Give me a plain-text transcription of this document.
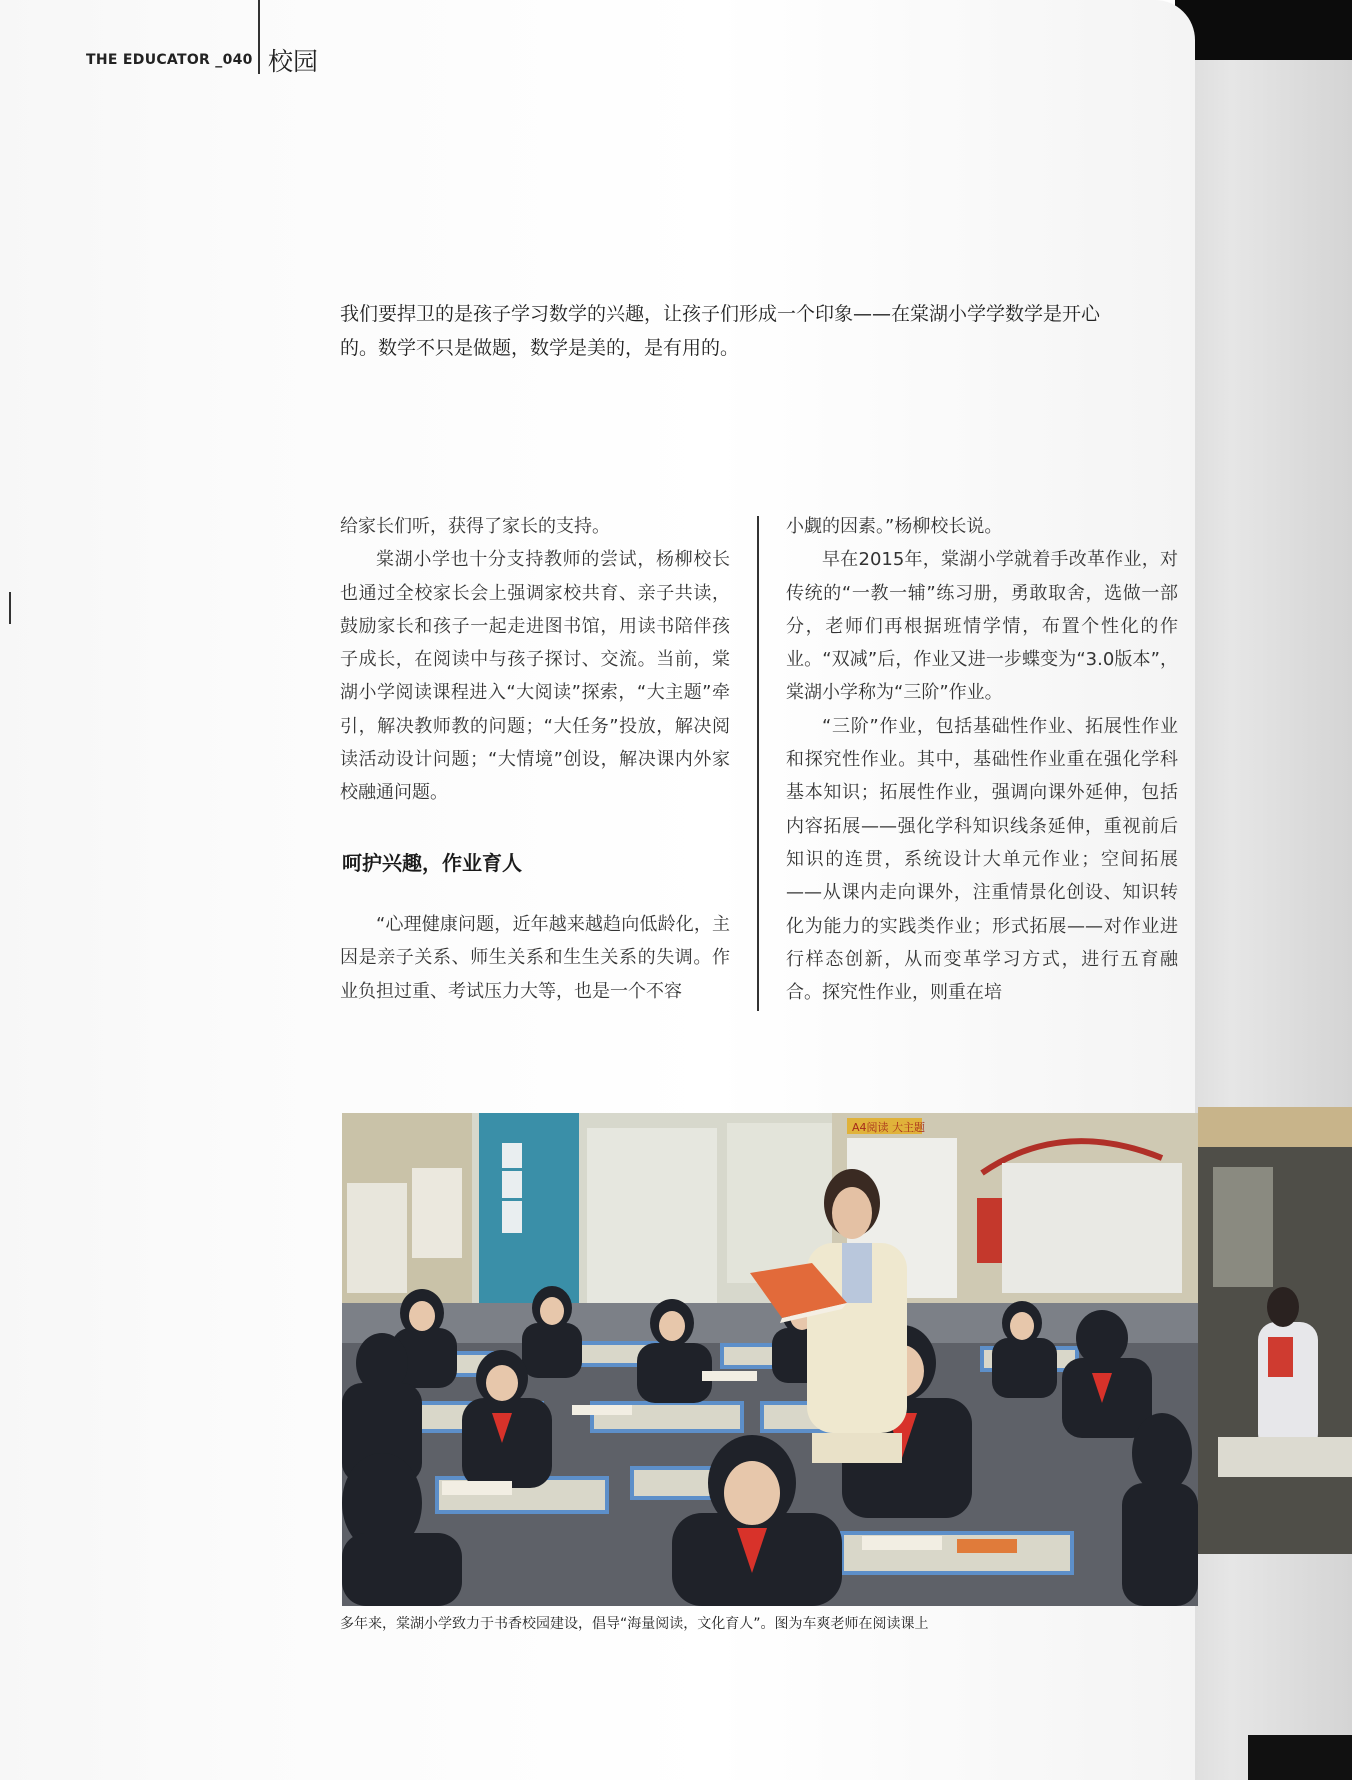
THE EDUCATOR _040 校园

我们要捍卫的是孩子学习数学的兴趣，让孩子们形成一个印象——在棠湖小学学数学是开心

的。数学不只是做题，数学是美的，是有用的。

给家长们听，获得了家长的支持。

棠湖小学也十分支持教师的尝试，杨柳校长也通过全校家长会上强调家校共育、亲子共读，鼓励家长和孩子一起走进图书馆，用读书陪伴孩子成长，在阅读中与孩子探讨、交流。当前，棠湖小学阅读课程进入“大阅读”探索，“大主题”牵引，解决教师教的问题；“大任务”投放，解决阅读活动设计问题；“大情境”创设，解决课内外家校融通问题。

呵护兴趣，作业育人

“心理健康问题，近年越来越趋向低龄化，主因是亲子关系、师生关系和生生关系的失调。作业负担过重、考试压力大等，也是一个不容

小觑的因素。”杨柳校长说。

早在2015年，棠湖小学就着手改革作业，对传统的“一教一辅”练习册，勇敢取舍，选做一部分，老师们再根据班情学情，布置个性化的作业。“双减”后，作业又进一步蝶变为“3.0版本”，棠湖小学称为“三阶”作业。

“三阶”作业，包括基础性作业、拓展性作业和探究性作业。其中，基础性作业重在强化学科基本知识；拓展性作业，强调向课外延伸，包括内容拓展——强化学科知识线条延伸，重视前后知识的连贯，系统设计大单元作业；空间拓展——从课内走向课外，注重情景化创设、知识转化为能力的实践类作业；形式拓展——对作业进行样态创新，从而变革学习方式，进行五育融合。探究性作业，则重在培

A4阅读 大主题
多年来，棠湖小学致力于书香校园建设，倡导“海量阅读，文化育人”。图为车爽老师在阅读课上
